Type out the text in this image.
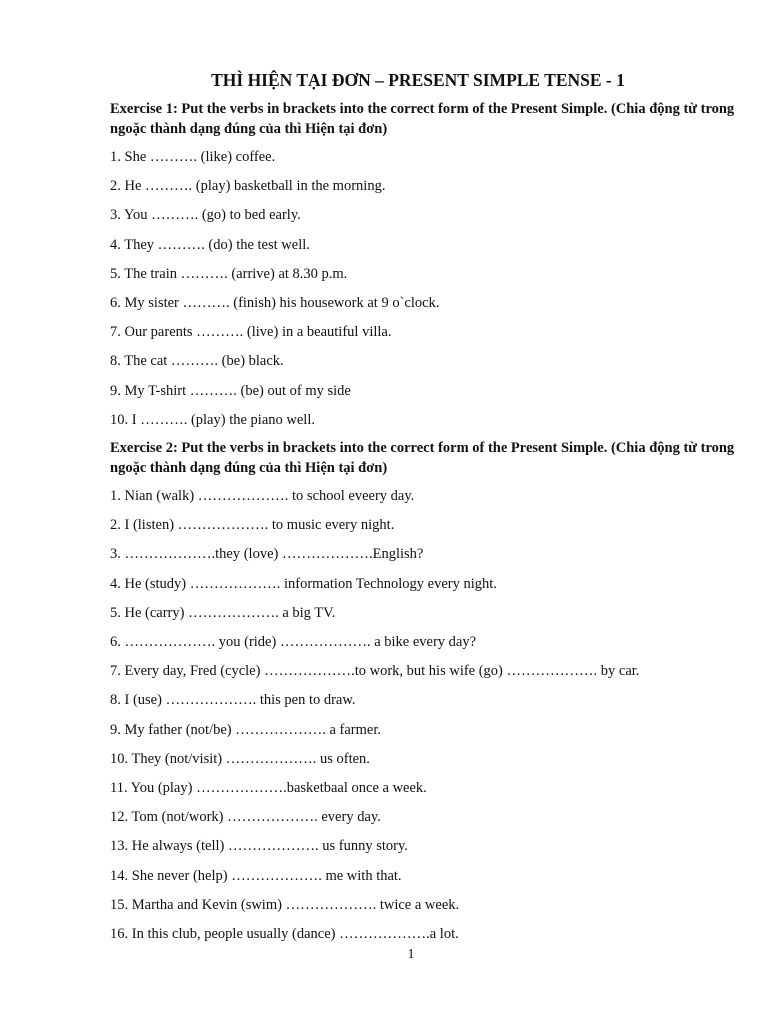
THÌ HIỆN TẠI ĐƠN – PRESENT SIMPLE TENSE - 1
Exercise 1: Put the verbs in brackets into the correct form of the Present Simple. (Chia động từ trong ngoặc thành dạng đúng của thì Hiện tại đơn)
1. She ………. (like) coffee.
2. He ………. (play) basketball in the morning.
3. You ………. (go) to bed early.
4. They ………. (do) the test well.
5. The train ………. (arrive) at 8.30 p.m.
6. My sister ………. (finish) his housework at 9 o`clock.
7. Our parents ………. (live) in a beautiful villa.
8. The cat ………. (be) black.
9. My T-shirt ………. (be) out of my side
10. I ………. (play) the piano well.
Exercise 2: Put the verbs in brackets into the correct form of the Present Simple. (Chia động từ trong ngoặc thành dạng đúng của thì Hiện tại đơn)
1. Nian (walk) ………………. to school eveery day.
2. I (listen) ………………. to music every night.
3. ……………….they (love) ……………….English?
4. He (study) ………………. information Technology every night.
5. He (carry) ………………. a big TV.
6. ………………. you (ride) ………………. a bike every day?
7. Every day, Fred (cycle) ……………….to work, but his wife (go) ………………. by car.
8. I (use) ………………. this pen to draw.
9. My father (not/be) ………………. a farmer.
10. They (not/visit) ………………. us often.
11. You (play) ……………….basketbaal once a week.
12. Tom (not/work) ………………. every day.
13. He always (tell) ………………. us funny story.
14. She never (help) ………………. me with that.
15. Martha and Kevin (swim) ………………. twice a week.
16. In this club, people usually (dance) ……………….a lot.
1
